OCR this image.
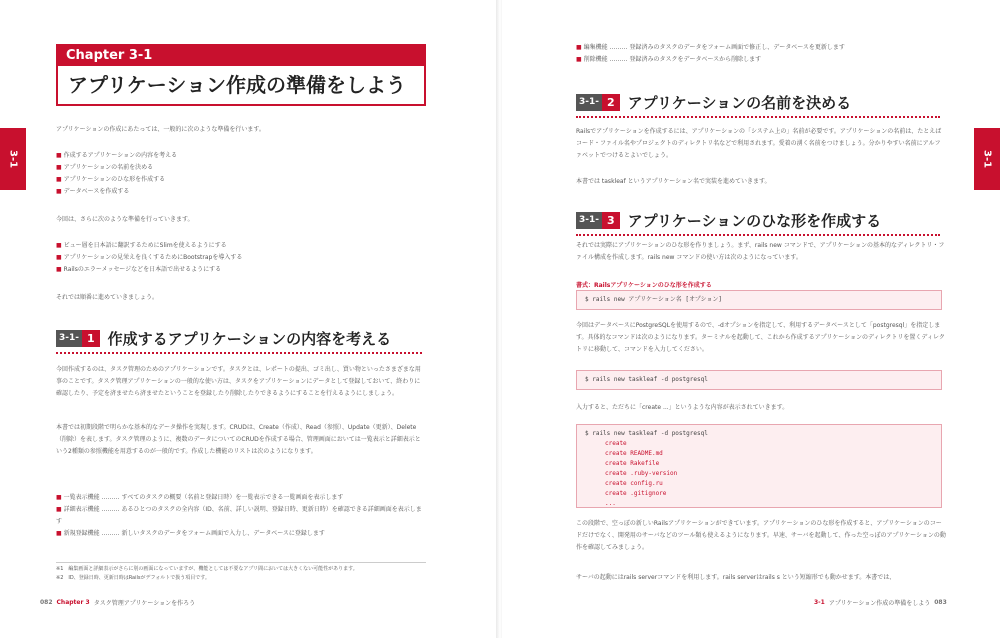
3-1
Chapter 3-1
アプリケーション作成の準備をしよう
アプリケーションの作成にあたっては、一般的に次のような準備を行います。
■ 作成するアプリケーションの内容を考える
■ アプリケーションの名前を決める
■ アプリケーションのひな形を作成する
■ データベースを作成する
今回は、さらに次のような準備を行っていきます。
■ ビュー層を日本語に翻訳するためにSlimを使えるようにする
■ アプリケーションの見栄えを良くするためにBootstrapを導入する
■ Railsのエラーメッセージなどを日本語で出せるようにする
それでは順番に進めていきましょう。
3-1- 1 作成するアプリケーションの内容を考える
今回作成するのは、タスク管理のためのアプリケーションです。タスクとは、レポートの提出、ゴミ出し、買い物といったさまざまな用事のことです。タスク管理アプリケーションの一般的な使い方は、タスクをアプリケーションにデータとして登録しておいて、終わりに確認したり、予定を済ませたら済ませたということを登録したり削除したりできるようにすることを行えるようにしましょう。
本書では初期段階で明らかな基本的なデータ操作を実現します。CRUDは、Create（作成）、Read（参照）、Update（更新）、Delete（削除）を表します。タスク管理のように、複数のデータについてのCRUDを作成する場合、管理画面においては一覧表示と詳細表示という2種類の参照機能を用意するのが一般的です。作成した機能のリストは次のようになります。
■ 一覧表示機能 ……… すべてのタスクの概要（名前と登録日時）を一覧表示できる一覧画面を表示します
■ 詳細表示機能 ……… あるひとつのタスクの全内容（ID、名前、詳しい説明、登録日時、更新日時）を確認できる詳細画面を表示します
■ 新規登録機能 ……… 新しいタスクのデータをフォーム画面で入力し、データベースに登録します
※1　編集画面と詳細表示がさらに別の画面になっていますが、機能としては不要なアプリ間においては大きくない可能性があります。
※2　ID、登録日時、更新日時はRailsがデフォルトで扱う項目です。
082 Chapter 3 タスク管理アプリケーションを作ろう
3-1
■ 編集機能 ……… 登録済みのタスクのデータをフォーム画面で修正し、データベースを更新します
■ 削除機能 ……… 登録済みのタスクをデータベースから削除します
3-1- 2 アプリケーションの名前を決める
Railsでアプリケーションを作成するには、アプリケーションの「システム上の」名前が必要です。アプリケーションの名前は、たとえばコード・ファイル名やプロジェクトのディレクトリ名などで利用されます。愛着の湧く名前をつけましょう。分かりやすい名前にアルファベットでつけるとよいでしょう。
本書では taskleaf というアプリケーション名で実装を進めていきます。
3-1- 3 アプリケーションのひな形を作成する
それでは実際にアプリケーションのひな形を作りましょう。まず、rails new コマンドで、アプリケーションの基本的なディレクトリ・ファイル構成を作成します。rails new コマンドの使い方は次のようになっています。
書式：Railsアプリケーションのひな形を作成する
$ rails new アプリケーション名 [オプション]
今回はデータベースにPostgreSQLを使用するので、-dオプションを指定して、利用するデータベースとして「postgresql」を指定します。具体的なコマンドは次のようになります。ターミナルを起動して、これから作成するアプリケーションのディレクトリを置くディレクトリに移動して、コマンドを入力してください。
$ rails new taskleaf -d postgresql
入力すると、ただちに「create ...」というような内容が表示されていきます。
$ rails new taskleaf -d postgresql
create
create README.md
create Rakefile
create .ruby-version
create config.ru
create .gitignore
...
この段階で、空っぽの新しいRailsアプリケーションができています。アプリケーションのひな形を作成すると、アプリケーションのコードだけでなく、開発用のサーバなどのツール類も使えるようになります。早速、サーバを起動して、作った空っぽのアプリケーションの動作を確認してみましょう。
サーバの起動にはrails serverコマンドを利用します。rails serverはrails s という短縮形でも動かせます。本書では、
3-1 アプリケーション作成の準備をしよう 083
